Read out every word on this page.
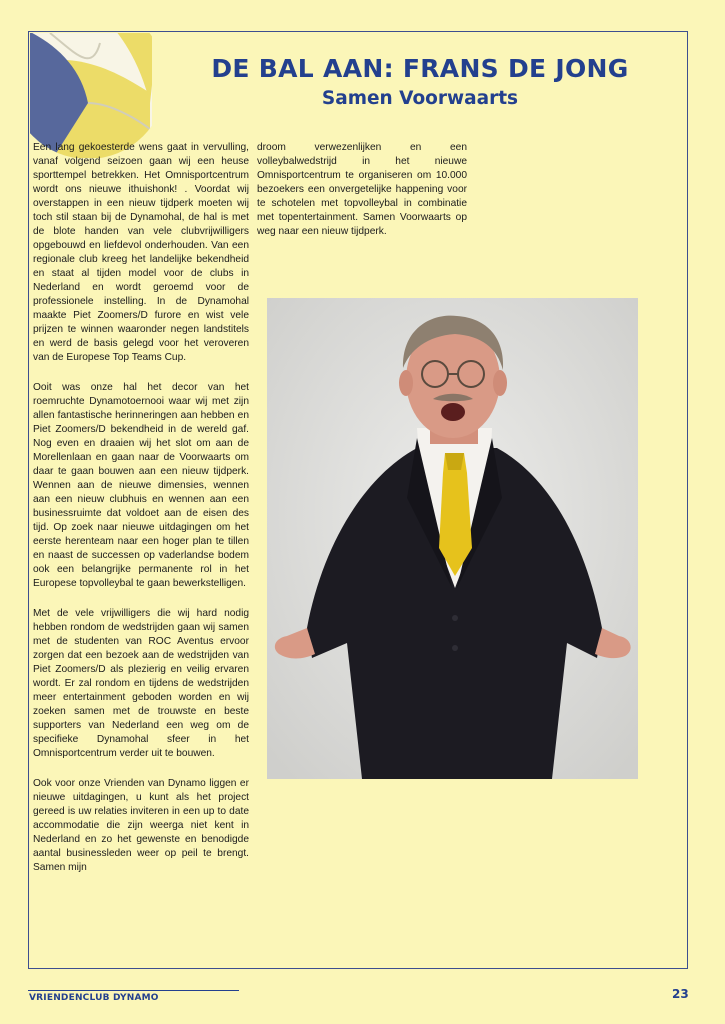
DE BAL AAN: FRANS DE JONG
Samen Voorwaarts

Een lang gekoesterde wens gaat in vervulling, vanaf volgend seizoen gaan wij een heuse sporttempel betrekken. Het Omnisportcentrum wordt ons nieuwe ithuishonk! . Voordat wij overstappen in een nieuw tijdperk moeten wij toch stil staan bij de Dynamohal, de hal is met de blote handen van vele clubvrijwilligers opgebouwd en liefdevol onderhouden. Van een regionale club kreeg het landelijke bekendheid en staat al tijden model voor de clubs in Nederland en wordt geroemd voor de professionele instelling. In de Dynamohal maakte Piet Zoomers/D furore en wist vele prijzen te winnen waaronder negen landstitels en werd de basis gelegd voor het veroveren van de Europese Top Teams Cup.

Ooit was onze hal het decor van het roemruchte Dynamotoernooi waar wij met zijn allen fantastische herinneringen aan hebben en Piet Zoomers/D bekendheid in de wereld gaf. Nog even en draaien wij het slot om aan de Morellenlaan en gaan naar de Voorwaarts om daar te gaan bouwen aan een nieuw tijdperk. Wennen aan de nieuwe dimensies, wennen aan een nieuw clubhuis en wennen aan een businessruimte dat voldoet aan de eisen des tijd. Op zoek naar nieuwe uitdagingen om het eerste herenteam naar een hoger plan te tillen en naast de successen op vaderlandse bodem ook een belangrijke permanente rol in het Europese topvolleybal te gaan bewerkstelligen.

Met de vele vrijwilligers die wij hard nodig hebben rondom de wedstrijden gaan wij samen met de studenten van ROC Aventus ervoor zorgen dat een bezoek aan de wedstrijden van Piet Zoomers/D als plezierig en veilig ervaren wordt. Er zal rondom en tijdens de wedstrijden meer entertainment geboden worden en wij zoeken samen met de trouwste en beste supporters van Nederland een weg om de specifieke Dynamohal sfeer in het Omnisportcentrum verder uit te bouwen.

Ook voor onze Vrienden van Dynamo liggen er nieuwe uitdagingen, u kunt als het project gereed is uw relaties inviteren in een up to date accommodatie die zijn weergа niet kent in Nederland en zo het gewenste en benodigde aantal businessleden weer op peil te brengt. Samen mijn

droom verwezenlijken en een volleybalwedstrijd in het nieuwe Omnisportcentrum te organiseren om 10.000 bezoekers een onvergetelijke happening voor te schotelen met topvolleybal in combinatie met topentertainment. Samen Voorwaarts op weg naar een nieuw tijdperk.

VRIENDENCLUB DYNAMO	23
